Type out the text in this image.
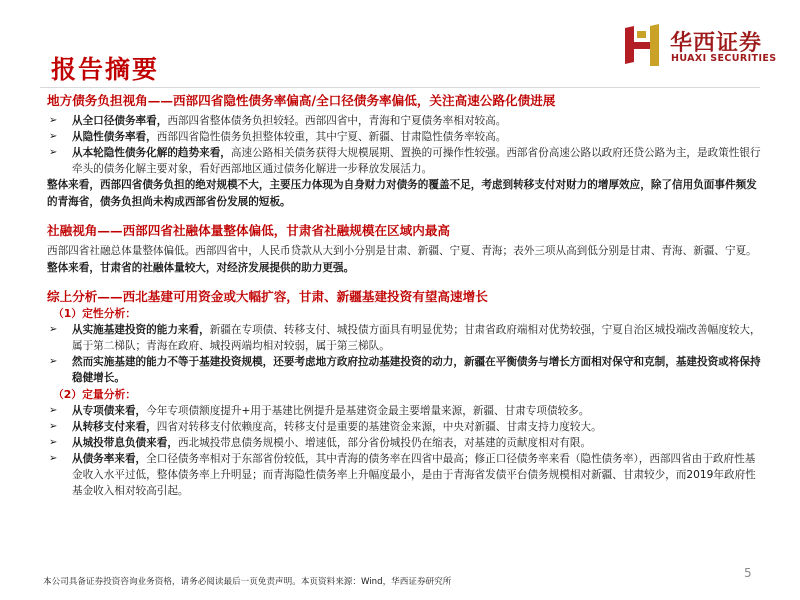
报告摘要
华西证券
HUAXI SECURITIES
地方债务负担视角——西部四省隐性债务率偏高/全口径债务率偏低，关注高速公路化债进展
➢ 从全口径债务率看，西部四省整体债务负担较轻。西部四省中，青海和宁夏债务率相对较高。
➢ 从隐性债务率看，西部四省隐性债务负担整体较重，其中宁夏、新疆、甘肃隐性债务率较高。
➢ 从本轮隐性债务化解的趋势来看，高速公路相关债务获得大规模展期、置换的可操作性较强。西部省份高速公路以政府还贷公路为主，是政策性银行牵头的债务化解主要对象，看好西部地区通过债务化解进一步释放发展活力。
整体来看，西部四省债务负担的绝对规模不大，主要压力体现为自身财力对债务的覆盖不足，考虑到转移支付对财力的增厚效应，除了信用负面事件频发的青海省，债务负担尚未构成西部省份发展的短板。
社融视角——西部四省社融体量整体偏低，甘肃省社融规模在区域内最高
西部四省社融总体量整体偏低。西部四省中，人民币贷款从大到小分别是甘肃、新疆、宁夏、青海；表外三项从高到低分别是甘肃、青海、新疆、宁夏。整体来看，甘肃省的社融体量较大，对经济发展提供的助力更强。
综上分析——西北基建可用资金或大幅扩容，甘肃、新疆基建投资有望高速增长
（1）定性分析：
➢ 从实施基建投资的能力来看，新疆在专项债、转移支付、城投债方面具有明显优势；甘肃省政府端相对优势较强，宁夏自治区城投端改善幅度较大，属于第二梯队；青海在政府、城投两端均相对较弱，属于第三梯队。
➢ 然而实施基建的能力不等于基建投资规模，还要考虑地方政府拉动基建投资的动力，新疆在平衡债务与增长方面相对保守和克制，基建投资或将保持稳健增长。
（2）定量分析：
➢ 从专项债来看，今年专项债额度提升+用于基建比例提升是基建资金最主要增量来源，新疆、甘肃专项债较多。
➢ 从转移支付来看，四省对转移支付依赖度高，转移支付是重要的基建资金来源，中央对新疆、甘肃支持力度较大。
➢ 从城投带息负债来看，西北城投带息债务规模小、增速低，部分省份城投仍在缩表，对基建的贡献度相对有限。
➢ 从债务率来看，全口径债务率相对于东部省份较低，其中青海的债务率在四省中最高；修正口径债务率来看（隐性债务率），西部四省由于政府性基金收入水平过低，整体债务率上升明显；而青海隐性债务率上升幅度最小，是由于青海省发债平台债务规模相对新疆、甘肃较少，而2019年政府性基金收入相对较高引起。
本公司具备证券投资咨询业务资格，请务必阅读最后一页免责声明。本页资料来源：Wind，华西证券研究所
5
